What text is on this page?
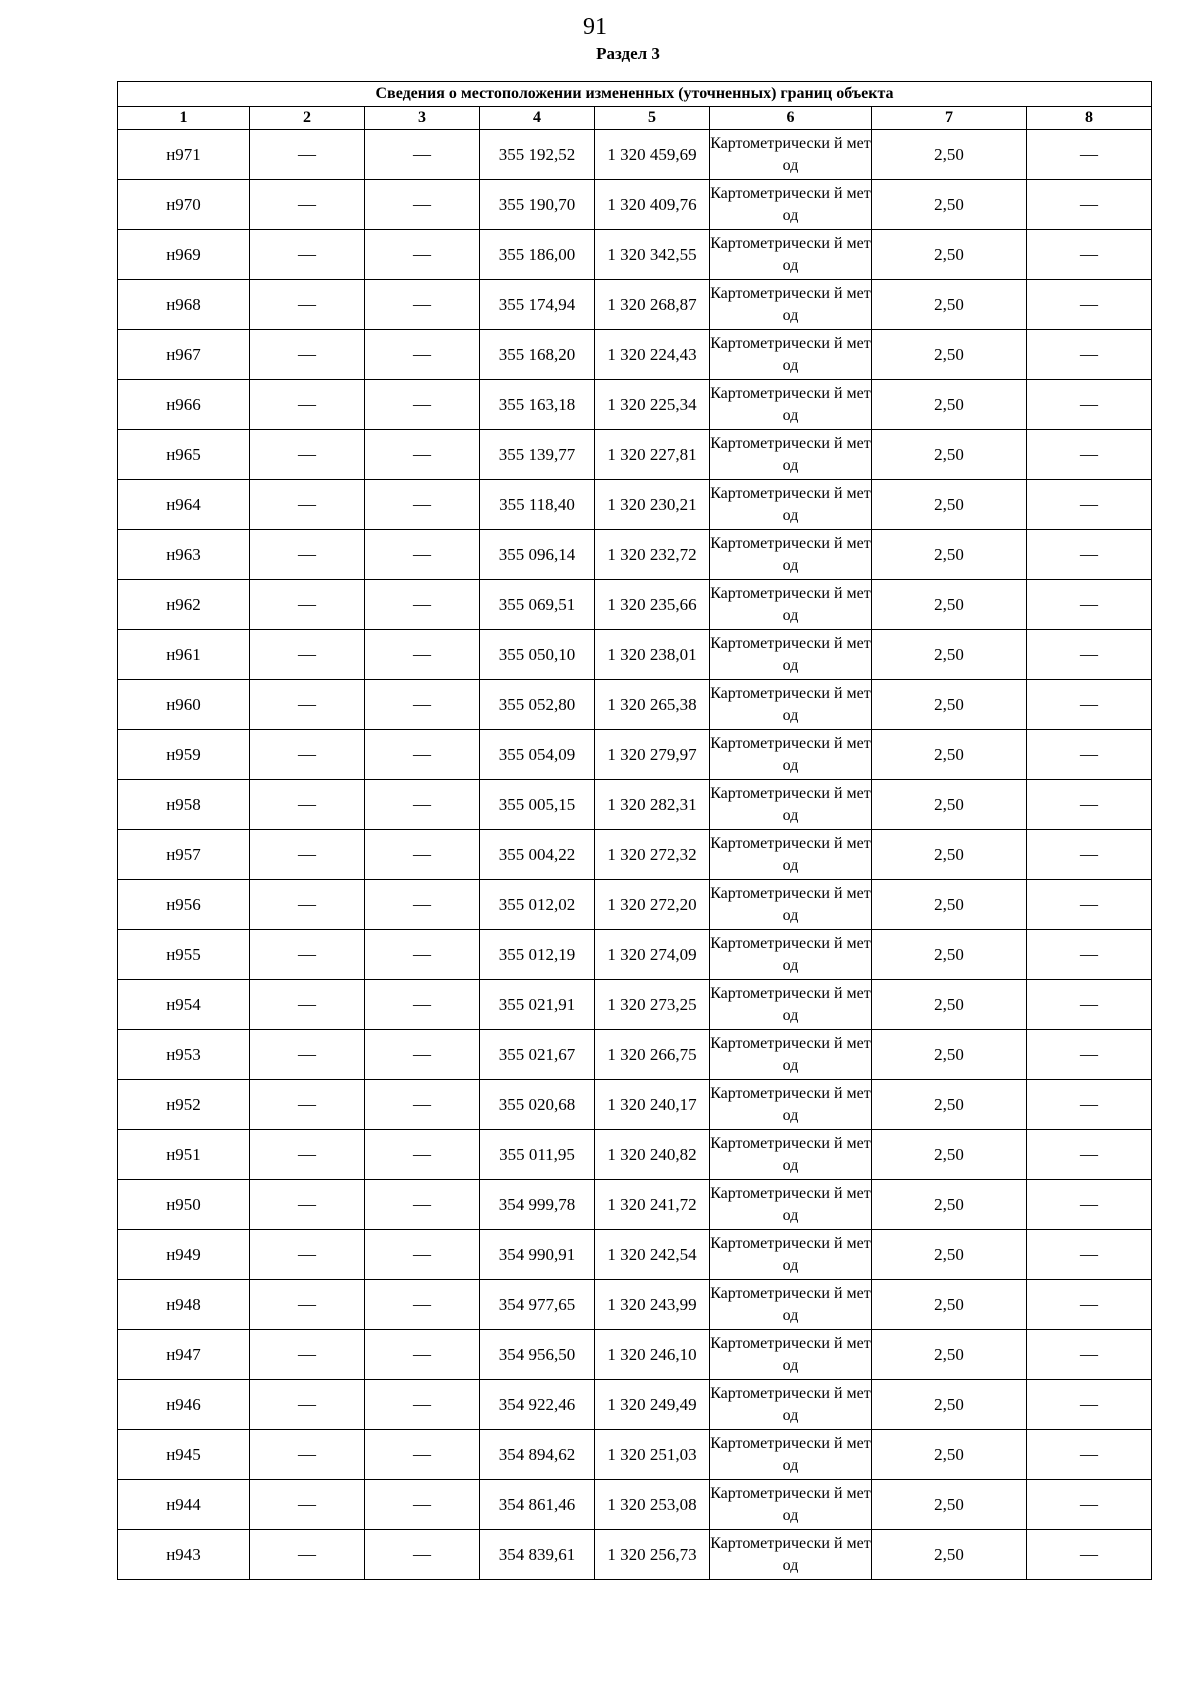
91
Раздел 3
Сведения о местоположении измененных (уточненных) границ объекта							
1	2	3	4	5	6	7	8
н971	—	—	355 192,52	1 320 459,69	Картометрически й метод	2,50	—
н970	—	—	355 190,70	1 320 409,76	Картометрически й метод	2,50	—
н969	—	—	355 186,00	1 320 342,55	Картометрически й метод	2,50	—
н968	—	—	355 174,94	1 320 268,87	Картометрически й метод	2,50	—
н967	—	—	355 168,20	1 320 224,43	Картометрически й метод	2,50	—
н966	—	—	355 163,18	1 320 225,34	Картометрически й метод	2,50	—
н965	—	—	355 139,77	1 320 227,81	Картометрически й метод	2,50	—
н964	—	—	355 118,40	1 320 230,21	Картометрически й метод	2,50	—
н963	—	—	355 096,14	1 320 232,72	Картометрически й метод	2,50	—
н962	—	—	355 069,51	1 320 235,66	Картометрически й метод	2,50	—
н961	—	—	355 050,10	1 320 238,01	Картометрически й метод	2,50	—
н960	—	—	355 052,80	1 320 265,38	Картометрически й метод	2,50	—
н959	—	—	355 054,09	1 320 279,97	Картометрически й метод	2,50	—
н958	—	—	355 005,15	1 320 282,31	Картометрически й метод	2,50	—
н957	—	—	355 004,22	1 320 272,32	Картометрически й метод	2,50	—
н956	—	—	355 012,02	1 320 272,20	Картометрически й метод	2,50	—
н955	—	—	355 012,19	1 320 274,09	Картометрически й метод	2,50	—
н954	—	—	355 021,91	1 320 273,25	Картометрически й метод	2,50	—
н953	—	—	355 021,67	1 320 266,75	Картометрически й метод	2,50	—
н952	—	—	355 020,68	1 320 240,17	Картометрически й метод	2,50	—
н951	—	—	355 011,95	1 320 240,82	Картометрически й метод	2,50	—
н950	—	—	354 999,78	1 320 241,72	Картометрически й метод	2,50	—
н949	—	—	354 990,91	1 320 242,54	Картометрически й метод	2,50	—
н948	—	—	354 977,65	1 320 243,99	Картометрически й метод	2,50	—
н947	—	—	354 956,50	1 320 246,10	Картометрически й метод	2,50	—
н946	—	—	354 922,46	1 320 249,49	Картометрически й метод	2,50	—
н945	—	—	354 894,62	1 320 251,03	Картометрически й метод	2,50	—
н944	—	—	354 861,46	1 320 253,08	Картометрически й метод	2,50	—
н943	—	—	354 839,61	1 320 256,73	Картометрически й метод	2,50	—
